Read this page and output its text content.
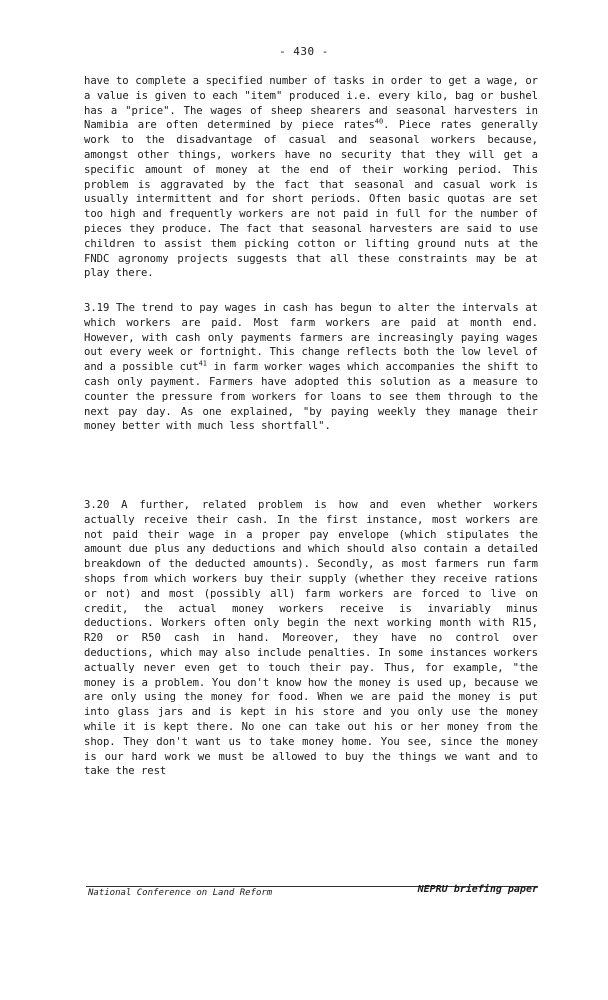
- 430 -

have to complete a specified number of tasks in order to get a wage, or a value is given to each "item" produced i.e. every kilo, bag or bushel has a "price". The wages of sheep shearers and seasonal harvesters in Namibia are often determined by piece rates$^{40}$. Piece rates generally work to the disadvantage of casual and seasonal workers because, amongst other things, workers have no security that they will get a specific amount of money at the end of their working period. This problem is aggravated by the fact that seasonal and casual work is usually intermittent and for short periods. Often basic quotas are set too high and frequently workers are not paid in full for the number of pieces they produce. The fact that seasonal harvesters are said to use children to assist them picking cotton or lifting ground nuts at the FNDC agronomy projects suggests that all these constraints may be at play there.

3.19 The trend to pay wages in cash has begun to alter the intervals at which workers are paid. Most farm workers are paid at month end. However, with cash only payments farmers are increasingly paying wages out every week or fortnight. This change reflects both the low level of and a possible cut$^{41}$ in farm worker wages which accompanies the shift to cash only payment. Farmers have adopted this solution as a measure to counter the pressure from workers for loans to see them through to the next pay day. As one explained, "by paying weekly they manage their money better with much less shortfall".

3.20 A further, related problem is how and even whether workers actually receive their cash. In the first instance, most workers are not paid their wage in a proper pay envelope (which stipulates the amount due plus any deductions and which should also contain a detailed breakdown of the deducted amounts). Secondly, as most farmers run farm shops from which workers buy their supply (whether they receive rations or not) and most (possibly all) farm workers are forced to live on credit, the actual money workers receive is invariably minus deductions. Workers often only begin the next working month with R15, R20 or R50 cash in hand. Moreover, they have no control over deductions, which may also include penalties. In some instances workers actually never even get to touch their pay. Thus, for example, "the money is a problem. You don't know how the money is used up, because we are only using the money for food. When we are paid the money is put into glass jars and is kept in his store and you only use the money while it is kept there. No one can take out his or her money from the shop. They don't want us to take money home. You see, since the money is our hard work we must be allowed to buy the things we want and to take the rest

National Conference on Land Reform	NEPRU briefing paper
